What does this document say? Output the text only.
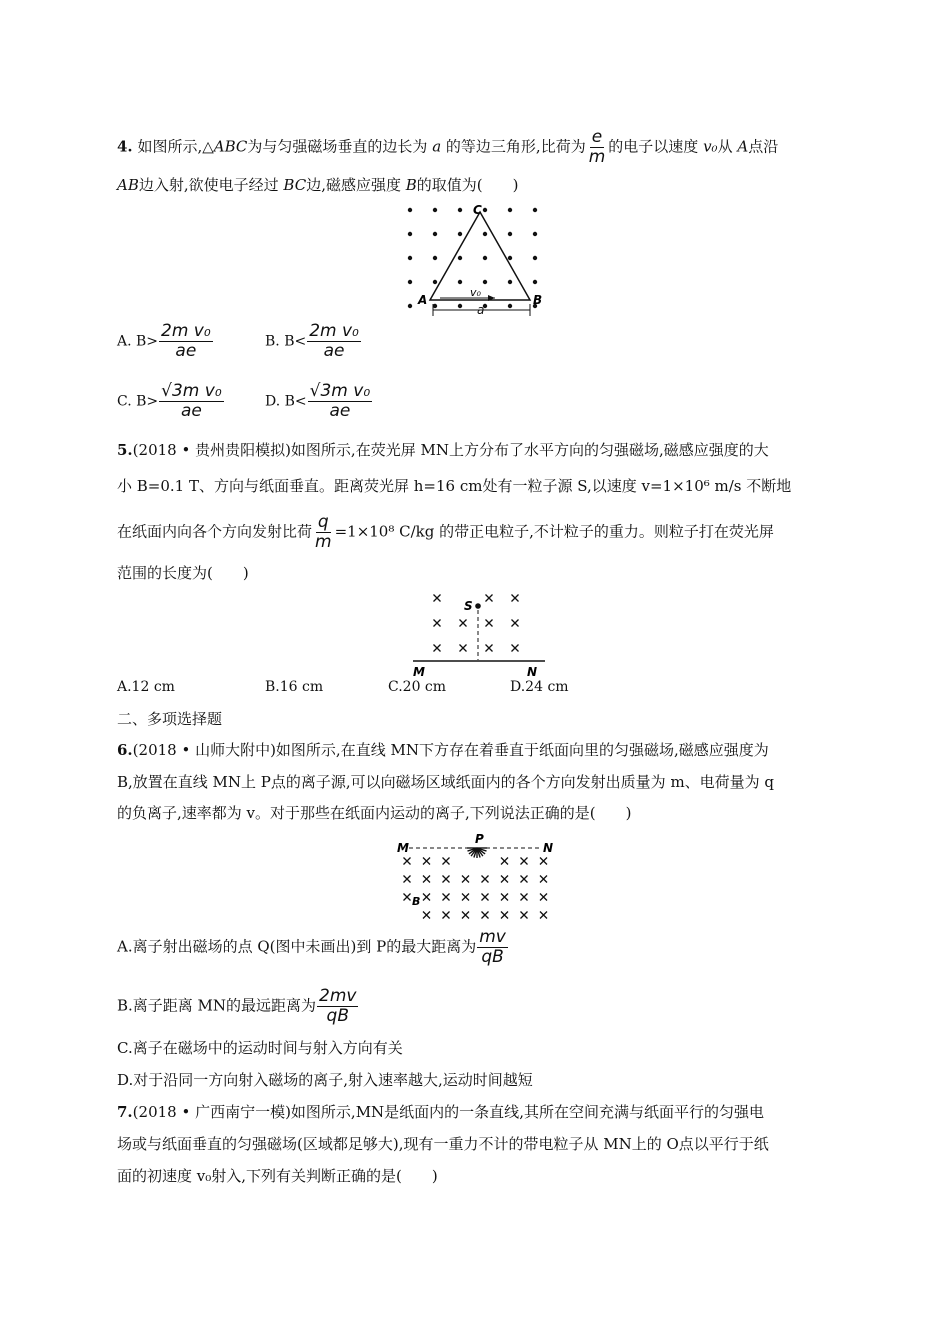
4. 如图所示,△ABC为与匀强磁场垂直的边长为 a 的等边三角形,比荷为 $\frac{e}{m}$ 的电子以速度 v₀从 A点沿
AB边入射,欲使电子经过 BC边,磁感应强度 B的取值为(　　)
C
A	B
v₀
a
A. $B> \frac{\text{2m v₀}}{ae}$	B. $B< \frac{\text{2m v₀}}{ae}$
C. $B> \frac{\text{√3m v₀}}{ae}$	D. $B< \frac{\text{√3m v₀}}{ae}$
5.(2018 • 贵州贵阳模拟)如图所示,在荧光屏 MN上方分布了水平方向的匀强磁场,磁感应强度的大
小 B=0.1 T、方向与纸面垂直。距离荧光屏 h=16 cm处有一粒子源 S,以速度 v=1×10⁶ m/s 不断地
在纸面内向各个方向发射比荷 $\frac{q}{m} =1\times 10^8$ C/kg 的带正电粒子,不计粒子的重力。则粒子打在荧光屏
范围的长度为(　　)
S
M	N
A.12 cm	B.16 cm	C.20 cm	D.24 cm
二、多项选择题
6.(2018 • 山师大附中)如图所示,在直线 MN下方存在着垂直于纸面向里的匀强磁场,磁感应强度为
B,放置在直线 MN上 P点的离子源,可以向磁场区域纸面内的各个方向发射出质量为 m、电荷量为 q
的负离子,速率都为 v。对于那些在纸面内运动的离子,下列说法正确的是(　　)
M
P
N
B
A.离子射出磁场的点 Q(图中未画出)到 P的最大距离为 $\frac{mv}{qB}$
B.离子距离 MN的最远距离为 $\frac{2mv}{qB}$
C.离子在磁场中的运动时间与射入方向有关
D.对于沿同一方向射入磁场的离子,射入速率越大,运动时间越短
7.(2018 • 广西南宁一模)如图所示,MN是纸面内的一条直线,其所在空间充满与纸面平行的匀强电
场或与纸面垂直的匀强磁场(区域都足够大),现有一重力不计的带电粒子从 MN上的 O点以平行于纸
面的初速度 v₀射入,下列有关判断正确的是(　　)
